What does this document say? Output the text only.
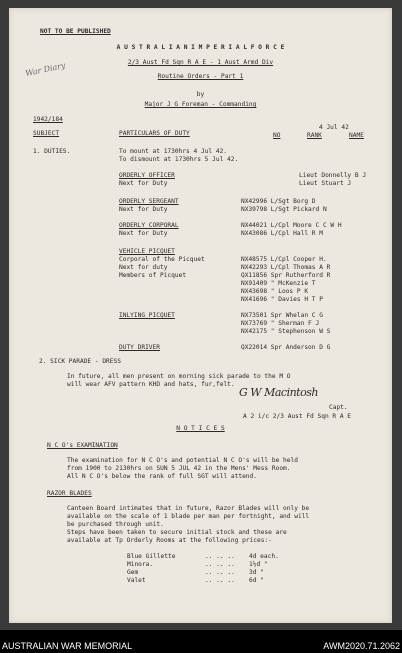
NOT TO BE PUBLISHED
War Diary
A U S T R A L I A N I M P E R I A L F O R C E
2/3 Aust Fd Sqn R A E - 1 Aust Armd Div
Routine Orders - Part 1
by
Major J G Foreman - Commanding
1942/184
4 Jul 42
SUBJECT	PARTICULARS OF DUTY	NO	RANK	NAME
1. DUTIES.	To mount at 1730hrs 4 Jul 42.
To dismount at 1730hrs 5 Jul 42.
ORDERLY OFFICER	Lieut Donnelly B J
Next for Duty	Lieut Stuart J
ORDERLY SERGEANT	NX42996 L/Sgt Borg D
Next for Duty	NX39798 L/Sgt Pickard N
ORDERLY CORPORAL	NX44021 L/Cpl Moore C C W H
Next for Duty	NX43086 L/Cpl Hall R M
VEHICLE PICQUET
Corporal of the Picquet	NX48575 L/Cpl Cooper H.
Next for duty	NX42293 L/Cpl Thomas A R
Members of Picquet	QX11856 Spr Rutherford R
NX91409 " McKenzie T
NX43698 " Loos P K
NX41696 " Davies H T P
INLYING PICQUET	NX73501 Spr Whelan C G
NX73769 " Sherman F J
NX42175 " Stephenson W S
DUTY DRIVER	QX22014 Spr Anderson D G
2. SICK PARADE - DRESS
In future, all men present on morning sick parade to the M O
will wear AFV pattern KHD and hats, fur,felt.
G W Macintosh
Capt.
A 2 i/c 2/3 Aust Fd Sqn R A E
N O T I C E S
N C O's EXAMINATION
The examination for N C O's and potential N C O's will be held
from 1900 to 2130hrs on SUN 5 JUL 42 in the Mens' Mess Room.
All N C O's below the rank of full SGT will attend.
RAZOR BLADES
Canteen Board intimates that in future, Razor Blades will only be
available on the scale of 1 blade per man per fortnight, and will
be purchased through unit.
Steps have been taken to secure initial stock and these are
available at Tp Orderly Rooms at the following prices:-
Blue Gillette	.. .. .. 4d each.
Minora.	.. .. .. 1½d "
Gem	.. .. .. 3d "
Valet	.. .. .. 6d "
AUSTRALIAN WAR MEMORIAL	AWM2020.71.2062
